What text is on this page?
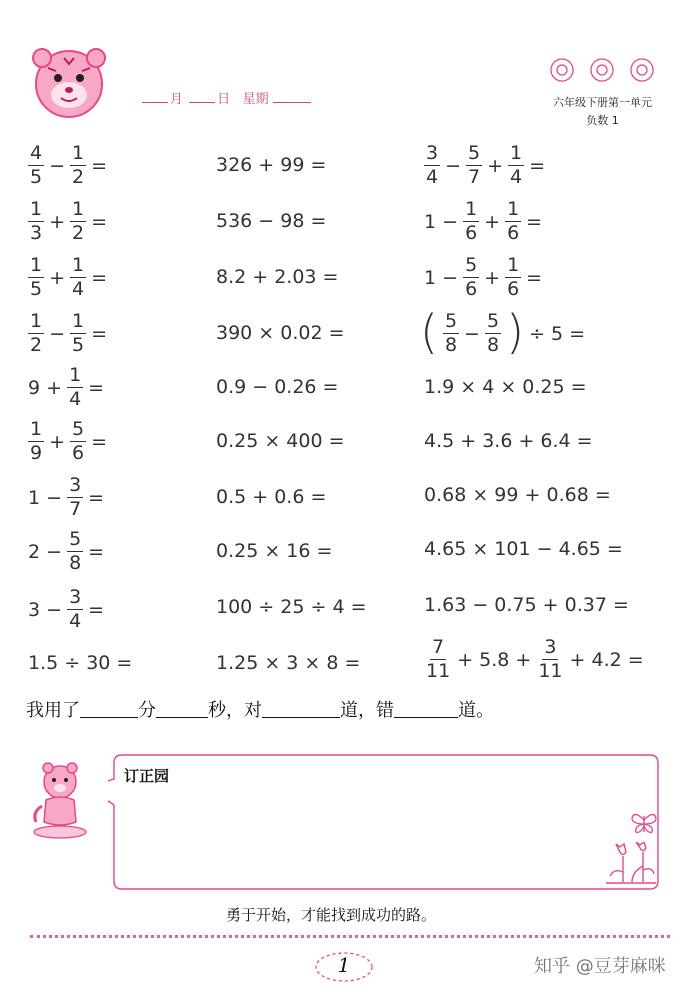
月	日 星期	六年级下册第一单元
负数 1
$\frac{4}{5} - \frac{1}{2}$ =	326 + 99 =	$\frac{3}{4} - \frac{5}{7} + \frac{1}{4}$ =
$\frac{1}{3} + \frac{1}{2}$ =	536 − 98 =	$1 - \frac{1}{6} + \frac{1}{6}$ =
$\frac{1}{5} + \frac{1}{4}$ =	8.2 + 2.03 =	$1 - \frac{5}{6} + \frac{1}{6}$ =
$\frac{1}{2} - \frac{1}{5}$ =	390 × 0.02 = ( $\frac{5}{8} - \frac{5}{8}$ ) ÷ 5 =
$9 + \frac{1}{4}$ =	0.9 − 0.26 =	1.9 × 4 × 0.25 =
$\frac{1}{9} + \frac{5}{6}$ =	0.25 × 400 =	4.5 + 3.6 + 6.4 =
$1 - \frac{3}{7}$ =	0.5 + 0.6 =	0.68 × 99 + 0.68 =
$2 - \frac{5}{8}$ =	0.25 × 16 =	4.65 × 101 − 4.65 =
$3 - \frac{3}{4}$ =	100 ÷ 25 ÷ 4 =	1.63 − 0.75 + 0.37 =
1.5 ÷ 30 =	1.25 × 3 × 8 =	$\frac{7}{11} + 5.8 + \frac{3}{11} + 4.2$ =
我用了	分	秒，对	道，错	道。
订正园
勇于开始，才能找到成功的路。
1	知乎 @豆芽麻咪
